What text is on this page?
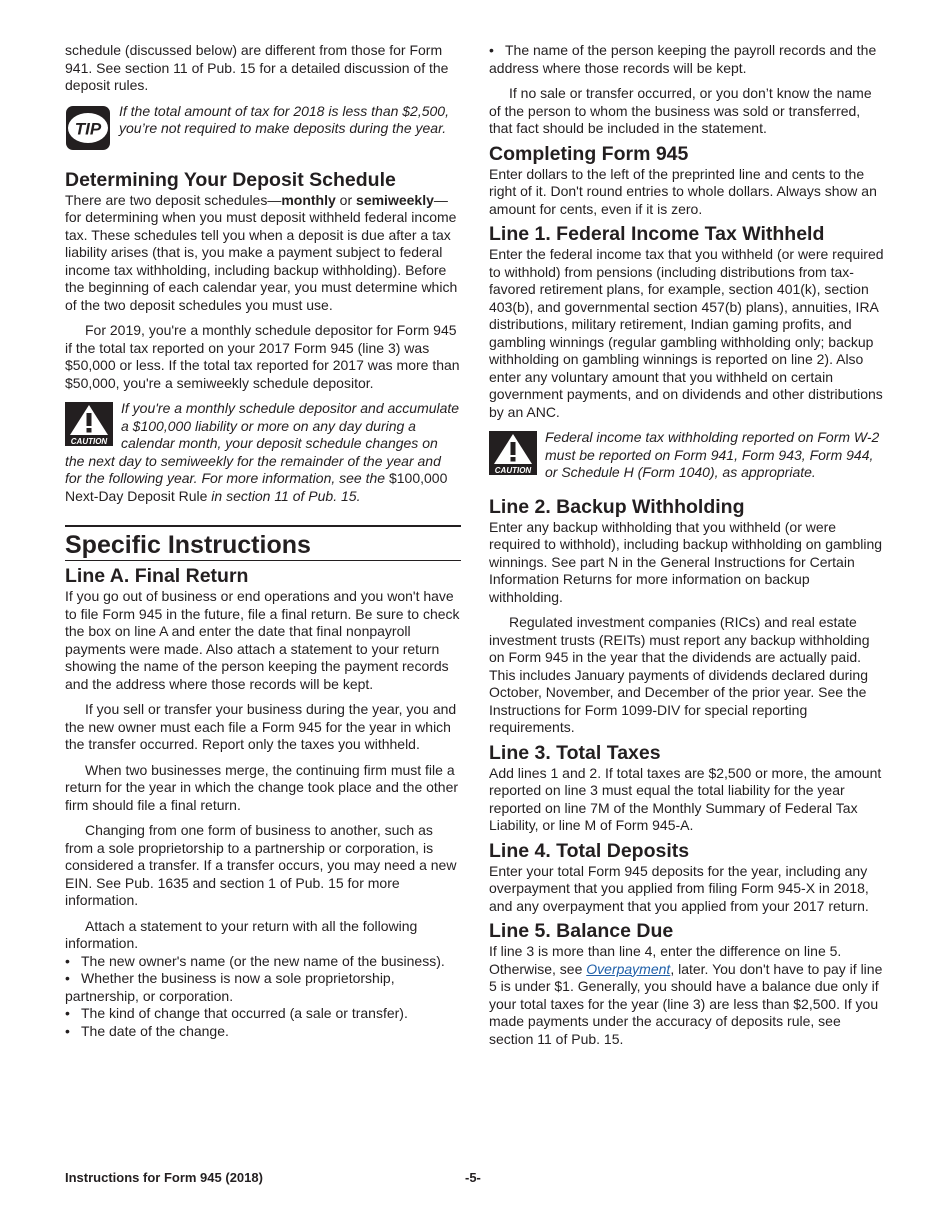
schedule (discussed below) are different from those for Form 941. See section 11 of Pub. 15 for a detailed discussion of the deposit rules.

TIP
If the total amount of tax for 2018 is less than $2,500, you’re not required to make deposits during the year.
Determining Your Deposit Schedule

There are two deposit schedules—monthly or semiweekly—for determining when you must deposit withheld federal income tax. These schedules tell you when a deposit is due after a tax liability arises (that is, you make a payment subject to federal income tax withholding, including backup withholding). Before the beginning of each calendar year, you must determine which of the two deposit schedules you must use.

For 2019, you're a monthly schedule depositor for Form 945 if the total tax reported on your 2017 Form 945 (line 3) was $50,000 or less. If the total tax reported for 2017 was more than $50,000, you're a semiweekly schedule depositor.

CAUTION
If you're a monthly schedule depositor and accumulate a $100,000 liability or more on any day during a calendar month, your deposit schedule changes on the next day to semiweekly for the remainder of the year and for the following year. For more information, see the $100,000 Next-Day Deposit Rule in section 11 of Pub. 15.
Specific Instructions
Line A. Final Return

If you go out of business or end operations and you won't have to file Form 945 in the future, file a final return. Be sure to check the box on line A and enter the date that final nonpayroll payments were made. Also attach a statement to your return showing the name of the person keeping the payment records and the address where those records will be kept.

If you sell or transfer your business during the year, you and the new owner must each file a Form 945 for the year in which the transfer occurred. Report only the taxes you withheld.

When two businesses merge, the continuing firm must file a return for the year in which the change took place and the other firm should file a final return.

Changing from one form of business to another, such as from a sole proprietorship to a partnership or corporation, is considered a transfer. If a transfer occurs, you may need a new EIN. See Pub. 1635 and section 1 of Pub. 15 for more information.

Attach a statement to your return with all the following information.

• The new owner's name (or the new name of the business).

• Whether the business is now a sole proprietorship, partnership, or corporation.

• The kind of change that occurred (a sale or transfer).

• The date of the change.

• The name of the person keeping the payroll records and the address where those records will be kept.

If no sale or transfer occurred, or you don’t know the name of the person to whom the business was sold or transferred, that fact should be included in the statement.

Completing Form 945

Enter dollars to the left of the preprinted line and cents to the right of it. Don't round entries to whole dollars. Always show an amount for cents, even if it is zero.

Line 1. Federal Income Tax Withheld

Enter the federal income tax that you withheld (or were required to withhold) from pensions (including distributions from tax-favored retirement plans, for example, section 401(k), section 403(b), and governmental section 457(b) plans), annuities, IRA distributions, military retirement, Indian gaming profits, and gambling winnings (regular gambling withholding only; backup withholding on gambling winnings is reported on line 2). Also enter any voluntary amount that you withheld on certain government payments, and on dividends and other distributions by an ANC.

CAUTION
Federal income tax withholding reported on Form W-2 must be reported on Form 941, Form 943, Form 944, or Schedule H (Form 1040), as appropriate.
Line 2. Backup Withholding

Enter any backup withholding that you withheld (or were required to withhold), including backup withholding on gambling winnings. See part N in the General Instructions for Certain Information Returns for more information on backup withholding.

Regulated investment companies (RICs) and real estate investment trusts (REITs) must report any backup withholding on Form 945 in the year that the dividends are actually paid. This includes January payments of dividends declared during October, November, and December of the prior year. See the Instructions for Form 1099-DIV for special reporting requirements.

Line 3. Total Taxes

Add lines 1 and 2. If total taxes are $2,500 or more, the amount reported on line 3 must equal the total liability for the year reported on line 7M of the Monthly Summary of Federal Tax Liability, or line M of Form 945-A.

Line 4. Total Deposits

Enter your total Form 945 deposits for the year, including any overpayment that you applied from filing Form 945-X in 2018, and any overpayment that you applied from your 2017 return.

Line 5. Balance Due

If line 3 is more than line 4, enter the difference on line 5. Otherwise, see Overpayment, later. You don't have to pay if line 5 is under $1. Generally, you should have a balance due only if your total taxes for the year (line 3) are less than $2,500. If you made payments under the accuracy of deposits rule, see section 11 of Pub. 15.

Instructions for Form 945 (2018)	-5-
